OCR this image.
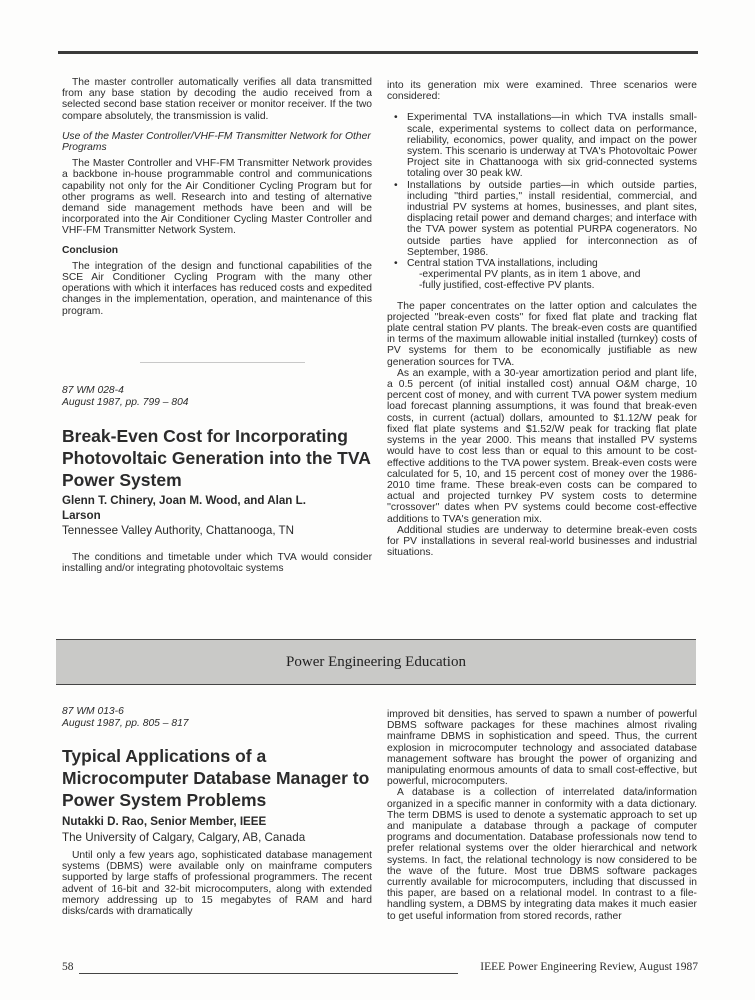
The master controller automatically verifies all data transmitted from any base station by decoding the audio received from a selected second base station receiver or monitor receiver. If the two compare absolutely, the transmission is valid.

Use of the Master Controller/VHF-FM Transmitter Network for Other Programs

The Master Controller and VHF-FM Transmitter Network provides a backbone in-house programmable control and communications capability not only for the Air Conditioner Cycling Program but for other programs as well. Research into and testing of alternative demand side management methods have been and will be incorporated into the Air Conditioner Cycling Master Controller and VHF-FM Transmitter Network System.

Conclusion

The integration of the design and functional capabilities of the SCE Air Conditioner Cycling Program with the many other operations with which it interfaces has reduced costs and expedited changes in the implementation, operation, and maintenance of this program.

87 WM 028-4
August 1987, pp. 799 – 804
Break-Even Cost for Incorporating Photovoltaic Generation into the TVA Power System
Glenn T. Chinery, Joan M. Wood, and Alan L. Larson
Tennessee Valley Authority, Chattanooga, TN

The conditions and timetable under which TVA would consider installing and/or integrating photovoltaic systems

into its generation mix were examined. Three scenarios were considered:

• Experimental TVA installations—in which TVA installs small-scale, experimental systems to collect data on performance, reliability, economics, power quality, and impact on the power system. This scenario is underway at TVA's Photovoltaic Power Project site in Chattanooga with six grid-connected systems totaling over 30 peak kW.
• Installations by outside parties—in which outside parties, including ''third parties,'' install residential, commercial, and industrial PV systems at homes, businesses, and plant sites, displacing retail power and demand charges; and interface with the TVA power system as potential PURPA cogenerators. No outside parties have applied for interconnection as of September, 1986.
• Central station TVA installations, including
-experimental PV plants, as in item 1 above, and
-fully justified, cost-effective PV plants.

The paper concentrates on the latter option and calculates the projected ''break-even costs'' for fixed flat plate and tracking flat plate central station PV plants. The break-even costs are quantified in terms of the maximum allowable initial installed (turnkey) costs of PV systems for them to be economically justifiable as new generation sources for TVA.

As an example, with a 30-year amortization period and plant life, a 0.5 percent (of initial installed cost) annual O&M charge, 10 percent cost of money, and with current TVA power system medium load forecast planning assumptions, it was found that break-even costs, in current (actual) dollars, amounted to $1.12/W peak for fixed flat plate systems and $1.52/W peak for tracking flat plate systems in the year 2000. This means that installed PV systems would have to cost less than or equal to this amount to be cost-effective additions to the TVA power system. Break-even costs were calculated for 5, 10, and 15 percent cost of money over the 1986-2010 time frame. These break-even costs can be compared to actual and projected turnkey PV system costs to determine ''crossover'' dates when PV systems could become cost-effective additions to TVA's generation mix.

Additional studies are underway to determine break-even costs for PV installations in several real-world businesses and industrial situations.

Power Engineering Education
87 WM 013-6
August 1987, pp. 805 – 817
Typical Applications of a Microcomputer Database Manager to Power System Problems
Nutakki D. Rao, Senior Member, IEEE
The University of Calgary, Calgary, AB, Canada

Until only a few years ago, sophisticated database management systems (DBMS) were available only on mainframe computers supported by large staffs of professional programmers. The recent advent of 16-bit and 32-bit microcomputers, along with extended memory addressing up to 15 megabytes of RAM and hard disks/cards with dramatically

improved bit densities, has served to spawn a number of powerful DBMS software packages for these machines almost rivaling mainframe DBMS in sophistication and speed. Thus, the current explosion in microcomputer technology and associated database management software has brought the power of organizing and manipulating enormous amounts of data to small cost-effective, but powerful, microcomputers.

A database is a collection of interrelated data/information organized in a specific manner in conformity with a data dictionary. The term DBMS is used to denote a systematic approach to set up and manipulate a database through a package of computer programs and documentation. Database professionals now tend to prefer relational systems over the older hierarchical and network systems. In fact, the relational technology is now considered to be the wave of the future. Most true DBMS software packages currently available for microcomputers, including that discussed in this paper, are based on a relational model. In contrast to a file-handling system, a DBMS by integrating data makes it much easier to get useful information from stored records, rather

58	IEEE Power Engineering Review, August 1987
